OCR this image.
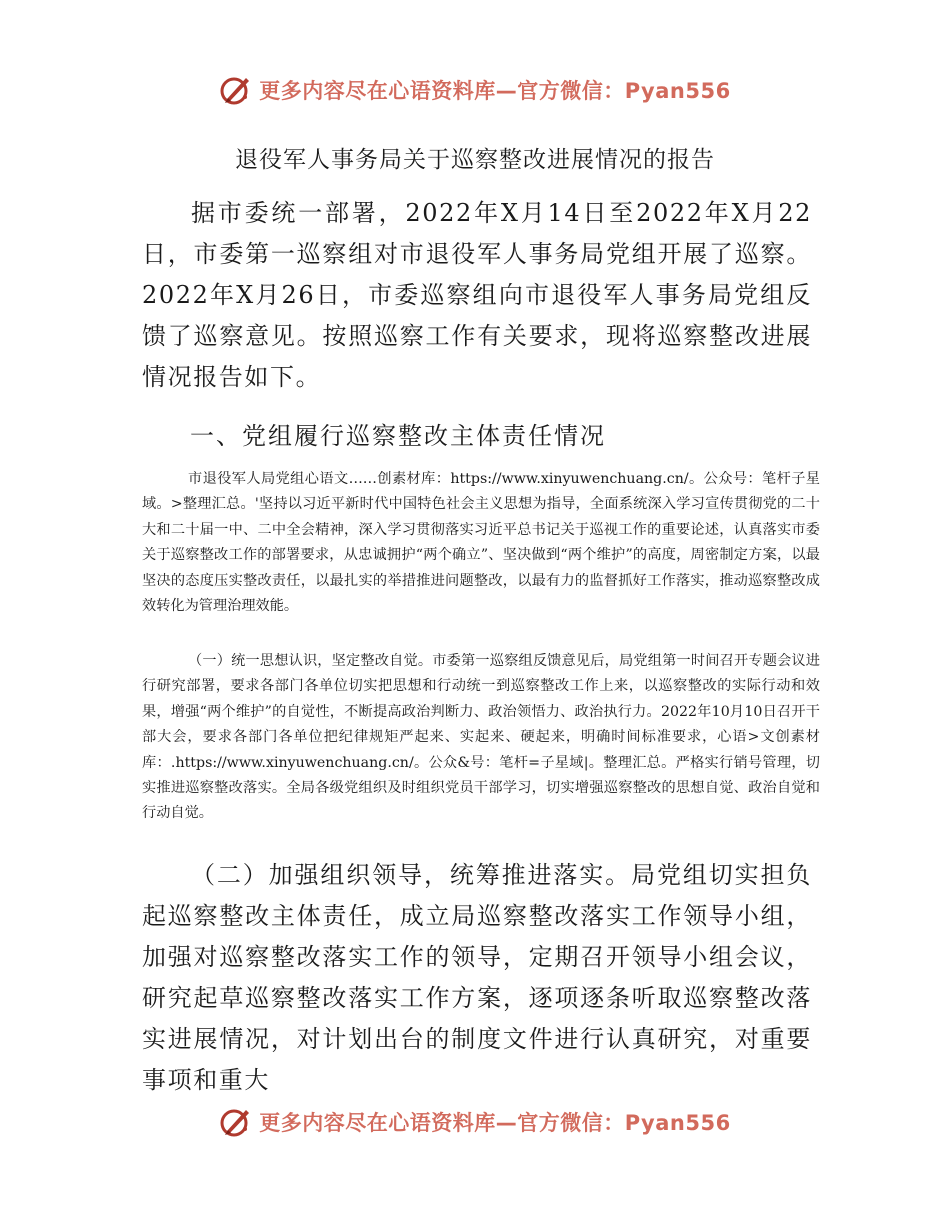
更多内容尽在心语资料库—官方微信：Pyan556
退役军人事务局关于巡察整改进展情况的报告

据市委统一部署，2022年X月14日至2022年X月22日，市委第一巡察组对市退役军人事务局党组开展了巡察。2022年X月26日，市委巡察组向市退役军人事务局党组反馈了巡察意见。按照巡察工作有关要求，现将巡察整改进展情况报告如下。

一、党组履行巡察整改主体责任情况

市退役军人局党组心语文……创素材库：https://www.xinyuwenchuang.cn/。公众号：笔杆子星域。>整理汇总。'坚持以习近平新时代中国特色社会主义思想为指导，全面系统深入学习宣传贯彻党的二十大和二十届一中、二中全会精神，深入学习贯彻落实习近平总书记关于巡视工作的重要论述，认真落实市委关于巡察整改工作的部署要求，从忠诚拥护“两个确立”、坚决做到“两个维护”的高度，周密制定方案，以最坚决的态度压实整改责任，以最扎实的举措推进问题整改，以最有力的监督抓好工作落实，推动巡察整改成效转化为管理治理效能。

（一）统一思想认识，坚定整改自觉。市委第一巡察组反馈意见后，局党组第一时间召开专题会议进行研究部署，要求各部门各单位切实把思想和行动统一到巡察整改工作上来，以巡察整改的实际行动和效果，增强“两个维护”的自觉性，不断提高政治判断力、政治领悟力、政治执行力。2022年10月10日召开干部大会，要求各部门各单位把纪律规矩严起来、实起来、硬起来，明确时间标准要求，心语>文创素材库：.https://www.xinyuwenchuang.cn/。公众&号：笔杆=子星域|。整理汇总。严格实行销号管理，切实推进巡察整改落实。全局各级党组织及时组织党员干部学习，切实增强巡察整改的思想自觉、政治自觉和行动自觉。

（二）加强组织领导，统筹推进落实。局党组切实担负起巡察整改主体责任，成立局巡察整改落实工作领导小组，加强对巡察整改落实工作的领导，定期召开领导小组会议，研究起草巡察整改落实工作方案，逐项逐条听取巡察整改落实进展情况，对计划出台的制度文件进行认真研究，对重要事项和重大

更多内容尽在心语资料库—官方微信：Pyan556
